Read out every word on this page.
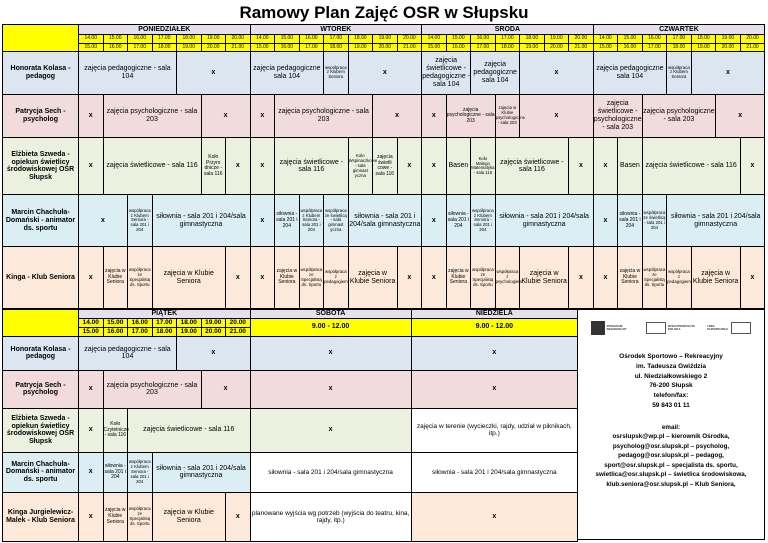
Ramowy Plan Zajęć OSR w Słupsku
	PONIEDZIAŁEK							WTOREK							ŚRODA							CZWARTEK						
	14.00	15.00	16.00	17.00	18.00	19.00	20.00	14.00	15.00	16.00	17.00	18.00	19.00	20.00	14.00	15.00	16.00	17.00	18.00	19.00	20.00	14.00	15.00	16.00	17.00	18.00	19.00	20.00
	15.00	16.00	17.00	18.00	19.00	20.00	21.00	15.00	16.00	17.00	18.00	19.00	20.00	21.00	15.00	16.00	17.00	18.00	19.00	20.00	21.00	15.00	16.00	17.00	18.00	19.00	20.00	21.00
Honorata Kolasa - pedagog	zajęcia pedagogiczne - sala 104				x			zajęcia pedagogiczne sala 104			współpraca z Klubem Seniora	x			zajęcia świetlicowe - pedagogiczne - sala 104		zajęcia pedagogiczne sala 104		x			zajęcia pedagogiczne sala 104			współpraca z Klubem Seniora	x		
Patrycja Sech - psycholog	x	zajęcia psychologiczne - sala 203				x		x	zajęcia psychologiczne - sala 203				x		x	zajęcia psychologiczne - sala 203		zajęcia w Klubie psychologiczne - sala 203	x			zajęcia świetlicowe - psychologiczne - sala 203		zajęcia psychologiczne - sala 203			x	
Elżbieta Szweda - opiekun świetlicy środowiskowej OSR Słupsk	x	zajęcia świetlicowe - sala 116				Koło Przyro dnicze - sala 116	x	x	zajęcia świetlicowe - sala 116			Koło Wspinaczkowe - sala gimnast yczna	zajęcia świetli cowe - sala 116	x	x	Basen	Koło Malego Matematyka - sala 116	zajęcia świetlicowe - sala 116			x	x	Basen	zajęcia świetlicowe - sala 116				x
Marcin Chachuła-Domański - animator ds. sportu	x		współpraca z Klubem Seniora - sala 201 i 204	siłownia - sala 201 i 204/sala gimnastyczna				x	siłownia - sala 201 i 204	współpraca z Klubem Seniora - sala 201 i 204	współpraca ze świetlicą - sala gimnast yczna	siłownia - sala 201 i 204/sala gimnastyczna			x	siłownia - sala 201 i 204	współpraca z Klubem Seniora - sala 201 i 204	siłownia - sala 201 i 204/sala gimnastyczna				x	siłownia - sala 201 i 204	współpraca ze świetlicą - sala 201 i 204	siłownia - sala 201 i 204/sala gimnastyczna			
Kinga - Klub Seniora	x	zajęcia w Klubie Seniora	współpraca ze Specjalistą ds. Sportu	zajęcia w Klubie Seniora			x	x	zajęcia w Klubie Seniora	współpraca ze Specjalistą ds. Sportu	współpraca z pedagogiem	zajęcia w Klubie Seniora		x	x	zajęcia w Klubie Seniora	współpraca ze Specjalistą ds. Sportu	współpraca z psychologiem	zajęcia w Klubie Seniora		x	x	zajęcia w Klubie Seniora	współpraca ze Specjalistą ds. Sportu	współpraca z pedagogiem	zajęcia w Klubie Seniora		x
	PIĄTEK							SOBOTA	NIEDZIELA	
	14.00	15.00	16.00	17.00	18.00	19.00	20.00	9.00 - 12.00	9.00 - 12.00	
	15.00	16.00	17.00	18.00	19.00	20.00	21.00			
Honorata Kolasa - pedagog	zajęcia pedagogiczne - sala 104				x			x	x	
Patrycja Sech - psycholog	x	zajęcia psychologiczne - sala 203				x		x	x	
Elżbieta Szweda - opiekun świetlicy środowiskowej OSR Słupsk	x	Koło Czytelnicze - sala 116	zajęcia świetlicowe - sala 116					x	zajęcia w terenie (wycieczki, rajdy, udział w piknikach, itp.)	
Marcin Chachuła-Domański - animator ds. sportu	x	siłownia - sala 201 i 204	współpraca z Klubem Seniora - sala 201 i 204	siłownia - sala 201 i 204/sala gimnastyczna				siłownia - sala 201 i 204/sala gimnastyczna	siłownia - sala 201 i 204/sala gimnastyczna	
Kinga Jurgielewicz-Malek - Klub Seniora	x	zajęcia w Klubie Seniora	współpraca ze Specjalistą ds. Sportu	zajęcia w Klubie Seniora			x	planowane wyjścia wg potrzeb (wyjścia do teatru, kina, rajdy, itp.)	x	
PROGRAM REGIONALNY
RZECZPOSPOLITA POLSKA
UNIA EUROPEJSKA
Ośrodek Sportowo – Rekreacyjny
im. Tadeusza Gwiździa
ul. Niedziałkowskiego 2
76-200 Słupsk
telefon/fax:
59 843 01 11
email:
osrslupsk@wp.pl – kierownik Ośrodka,
psycholog@osr.slupsk.pl – psycholog,
pedagog@osr.slupsk.pl – pedagog,
sport@osr.slupsk.pl – specjalista ds. sportu,
swietlica@osr.slupsk.pl – świetlica środowiskowa,
klub.seniora@osr.slupsk.pl – Klub Seniora,
